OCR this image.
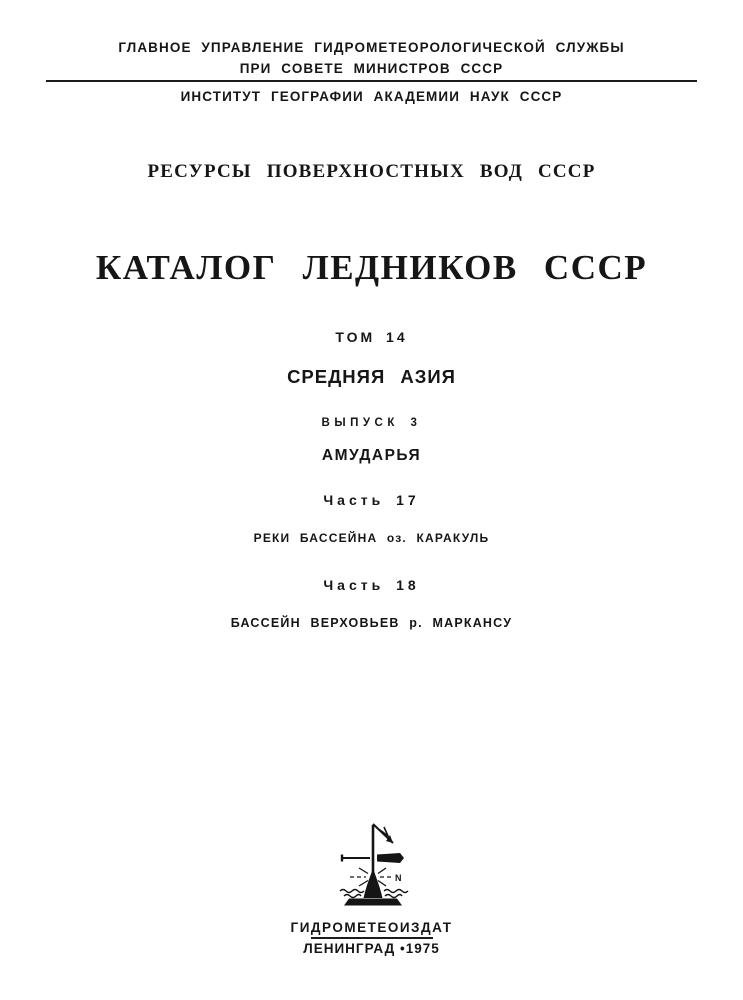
ГЛАВНОЕ УПРАВЛЕНИЕ ГИДРОМЕТЕОРОЛОГИЧЕСКОЙ СЛУЖБЫ
ПРИ СОВЕТЕ МИНИСТРОВ СССР
ИНСТИТУТ ГЕОГРАФИИ АКАДЕМИИ НАУК СССР
РЕСУРСЫ ПОВЕРХНОСТНЫХ ВОД СССР
КАТАЛОГ ЛЕДНИКОВ СССР
ТОМ 14
СРЕДНЯЯ АЗИЯ
ВЫПУСК 3
АМУДАРЬЯ
Часть 17
РЕКИ БАССЕЙНА оз. КАРАКУЛЬ
Часть 18
БАССЕЙН ВЕРХОВЬЕВ р. МАРКАНСУ
N
ГИДРОМЕТЕОИЗДАТ
ЛЕНИНГРАД •1975
